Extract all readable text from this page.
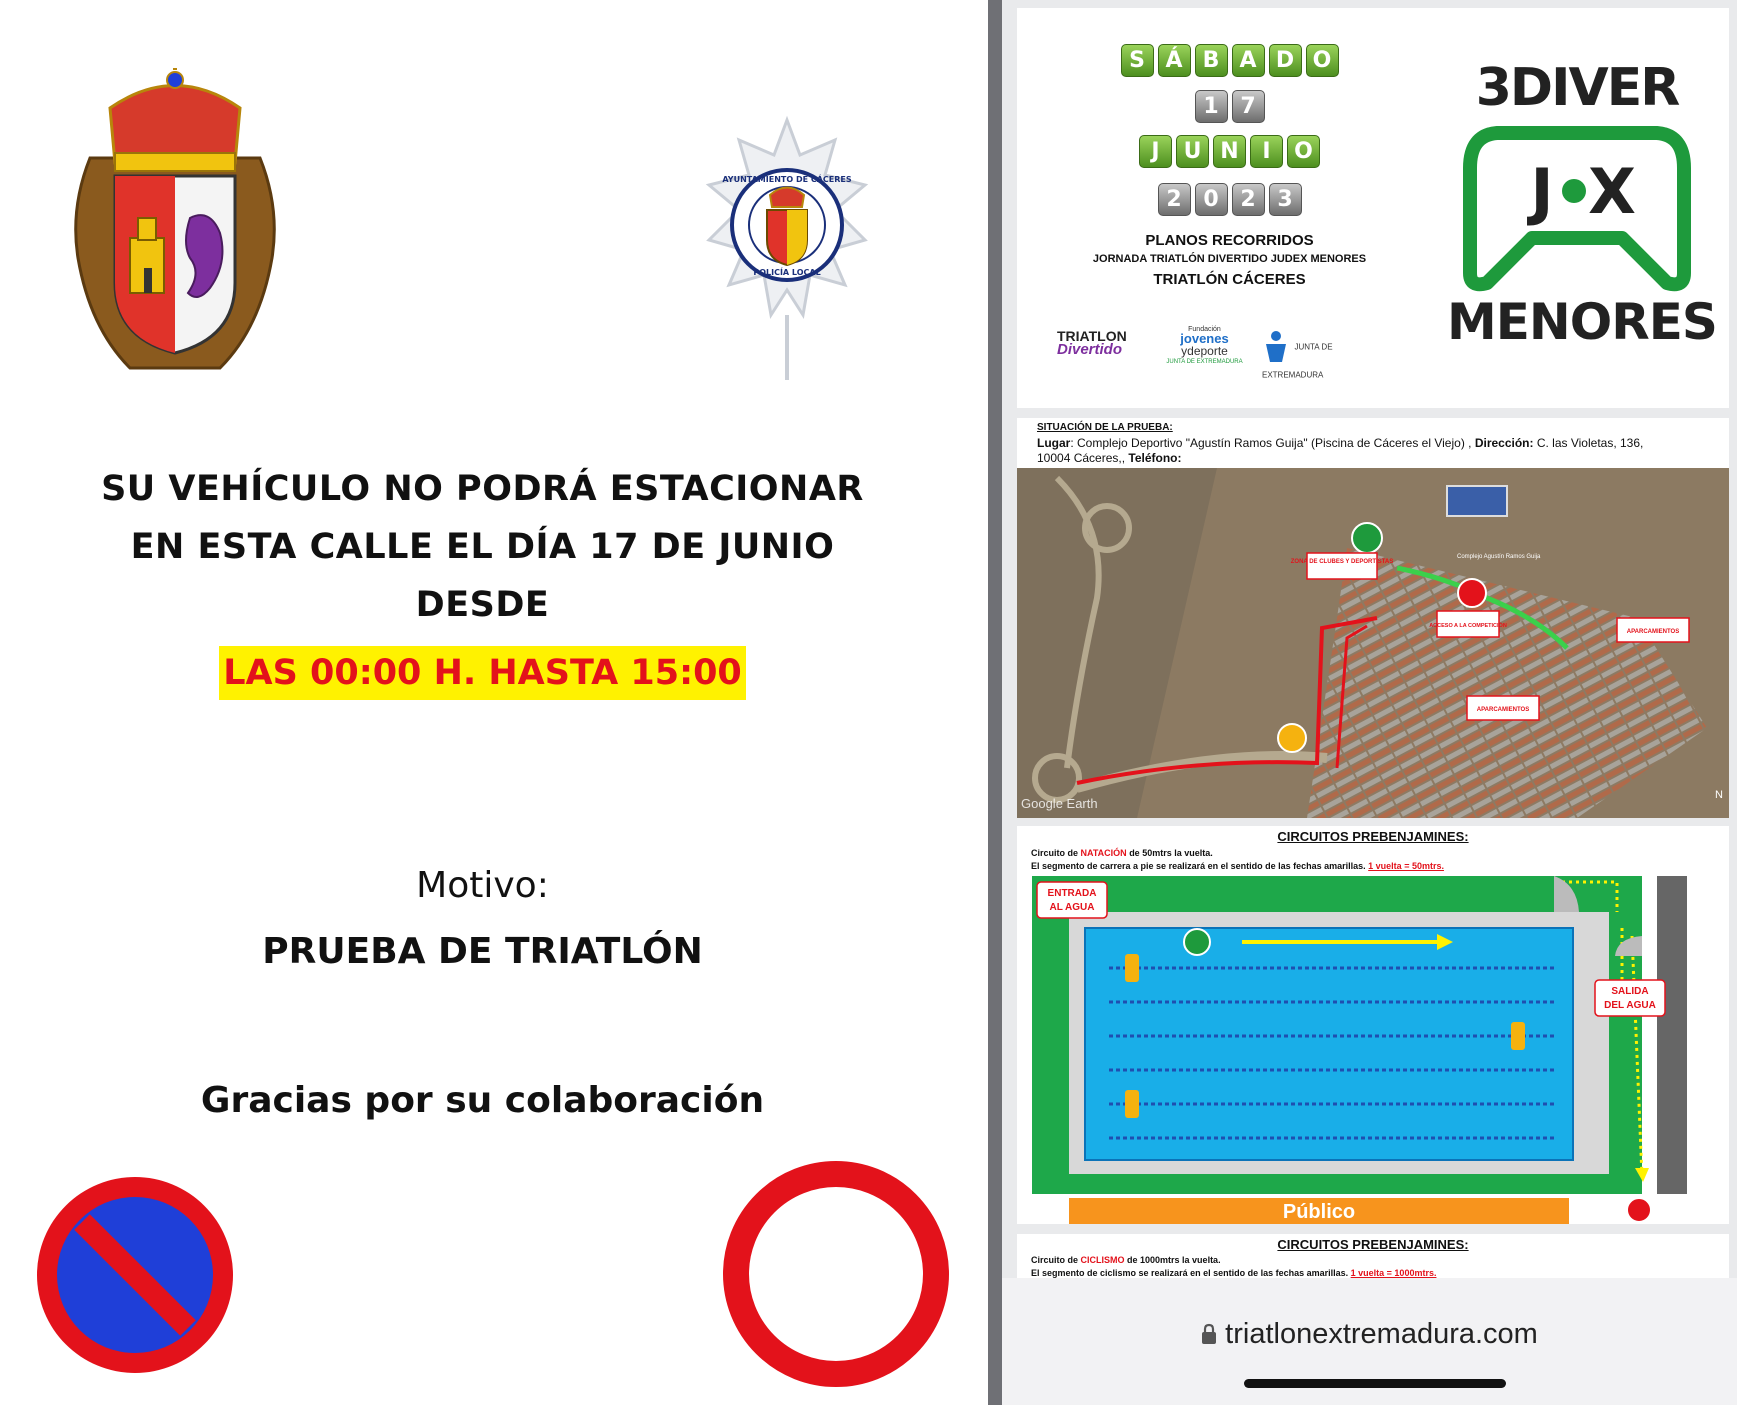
AYUNTAMIENTO DE CÁCERES
POLICÍA LOCAL
SU VEHÍCULO NO PODRÁ ESTACIONAR
EN ESTA CALLE EL DÍA 17 DE JUNIO
DESDE
LAS 00:00 H. HASTA 15:00
Motivo:
PRUEBA DE TRIATLÓN
Gracias por su colaboración
S Á B A D O
1 7
J U N I O
2 0 2 3
PLANOS RECORRIDOS
JORNADA TRIATLÓN DIVERTIDO JUDEX MENORES
TRIATLÓN CÁCERES
TRIATLON
Divertido
Fundación
jovenes
ydeporte
JUNTA DE EXTREMADURA
JUNTA DE EXTREMADURA
3DIVER
J X
MENORES
SITUACIÓN DE LA PRUEBA:
Lugar: Complejo Deportivo "Agustín Ramos Guija" (Piscina de Cáceres el Viejo) , Dirección: C. las Violetas, 136,
10004 Cáceres,, Teléfono:
ZONA DE CLUBES Y DEPORTISTAS
ACCESO A LA COMPETICIÓN
APARCAMIENTOS
APARCAMIENTOS
Complejo Agustín Ramos Guija
Google Earth
N
CIRCUITOS PREBENJAMINES:
Circuito de NATACIÓN de 50mtrs la vuelta.
El segmento de carrera a pie se realizará en el sentido de las fechas amarillas. 1 vuelta = 50mtrs.
ENTRADA
AL AGUA
SALIDA
DEL AGUA
Público
CIRCUITOS PREBENJAMINES:
Circuito de CICLISMO de 1000mtrs la vuelta.
El segmento de ciclismo se realizará en el sentido de las fechas amarillas. 1 vuelta = 1000mtrs.
triatlonextremadura.com
